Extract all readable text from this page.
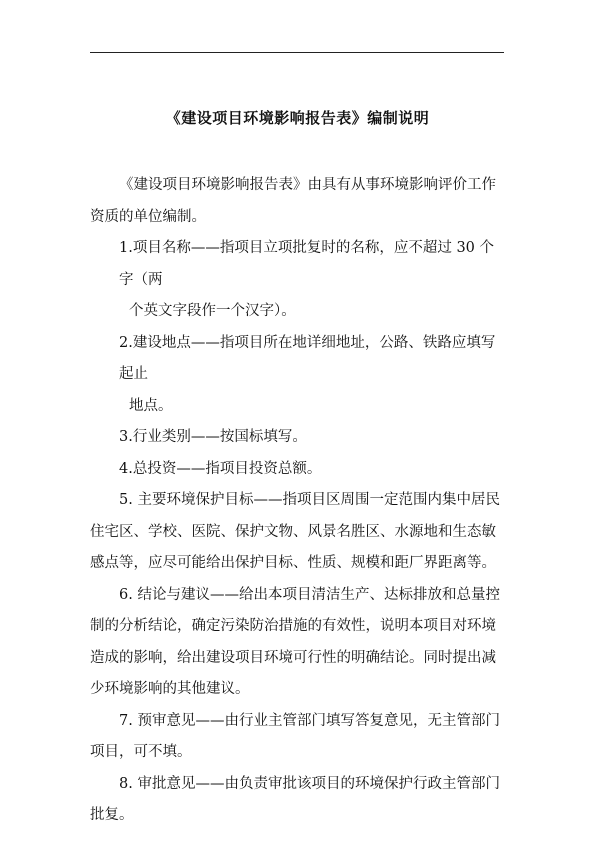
《建设项目环境影响报告表》编制说明

《建设项目环境影响报告表》由具有从事环境影响评价工作资质的单位编制。

1.项目名称——指项目立项批复时的名称，应不超过 30 个字（两
个英文字段作一个汉字）。

2.建设地点——指项目所在地详细地址，公路、铁路应填写起止
地点。

3.行业类别——按国标填写。

4.总投资——指项目投资总额。

5. 主要环境保护目标——指项目区周围一定范围内集中居民住宅区、学校、医院、保护文物、风景名胜区、水源地和生态敏感点等，应尽可能给出保护目标、性质、规模和距厂界距离等。

6. 结论与建议——给出本项目清洁生产、达标排放和总量控制的分析结论，确定污染防治措施的有效性，说明本项目对环境造成的影响，给出建设项目环境可行性的明确结论。同时提出减少环境影响的其他建议。

7. 预审意见——由行业主管部门填写答复意见，无主管部门项目，可不填。

8. 审批意见——由负责审批该项目的环境保护行政主管部门批复。
